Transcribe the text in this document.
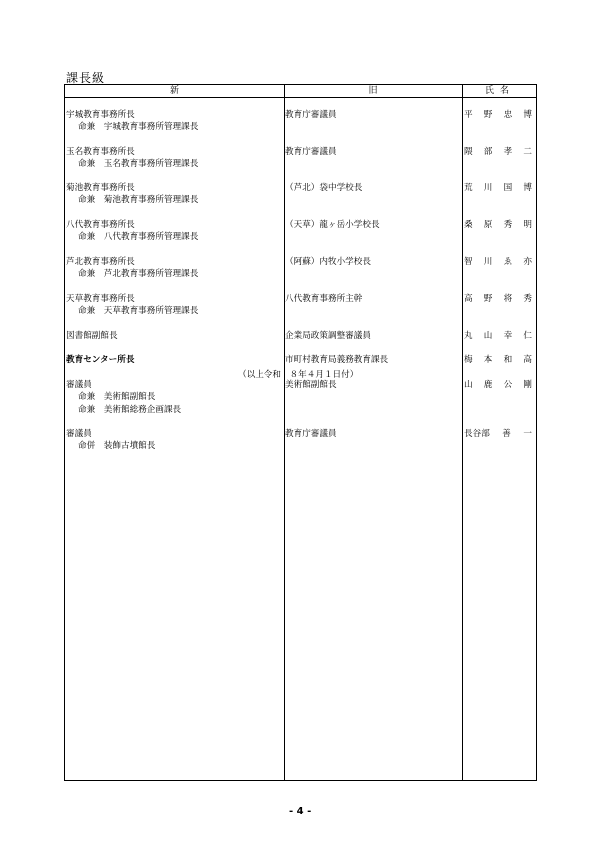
課長級
新	旧	氏名
宇城教育事務所長
命兼　宇城教育事務所管理課長
教育庁審議員	平 野 忠 博
玉名教育事務所長
命兼　玉名教育事務所管理課長
教育庁審議員	隈 部 孝 二
菊池教育事務所長
命兼　菊池教育事務所管理課長
（芦北）袋中学校長	荒 川 国 博
八代教育事務所長
命兼　八代教育事務所管理課長
（天草）龍ヶ岳小学校長	桑 原 秀 明
芦北教育事務所長
命兼　芦北教育事務所管理課長
（阿蘇）内牧小学校長	智 川 ゑ 亦
天草教育事務所長
命兼　天草教育事務所管理課長
八代教育事務所主幹	高 野 将 秀
図書館副館長	企業局政策調整審議員	丸 山 幸 仁
教育センター所長	市町村教育局義務教育課長	梅 本 和 高
審議員
命兼　美術館副館長
命兼　美術館総務企画課長
美術館副館長	山 鹿 公 剛
審議員
命併　装飾古墳館長
教育庁審議員	長谷部 善 一
（以上令和　８年４月１日付）
- 4 -
